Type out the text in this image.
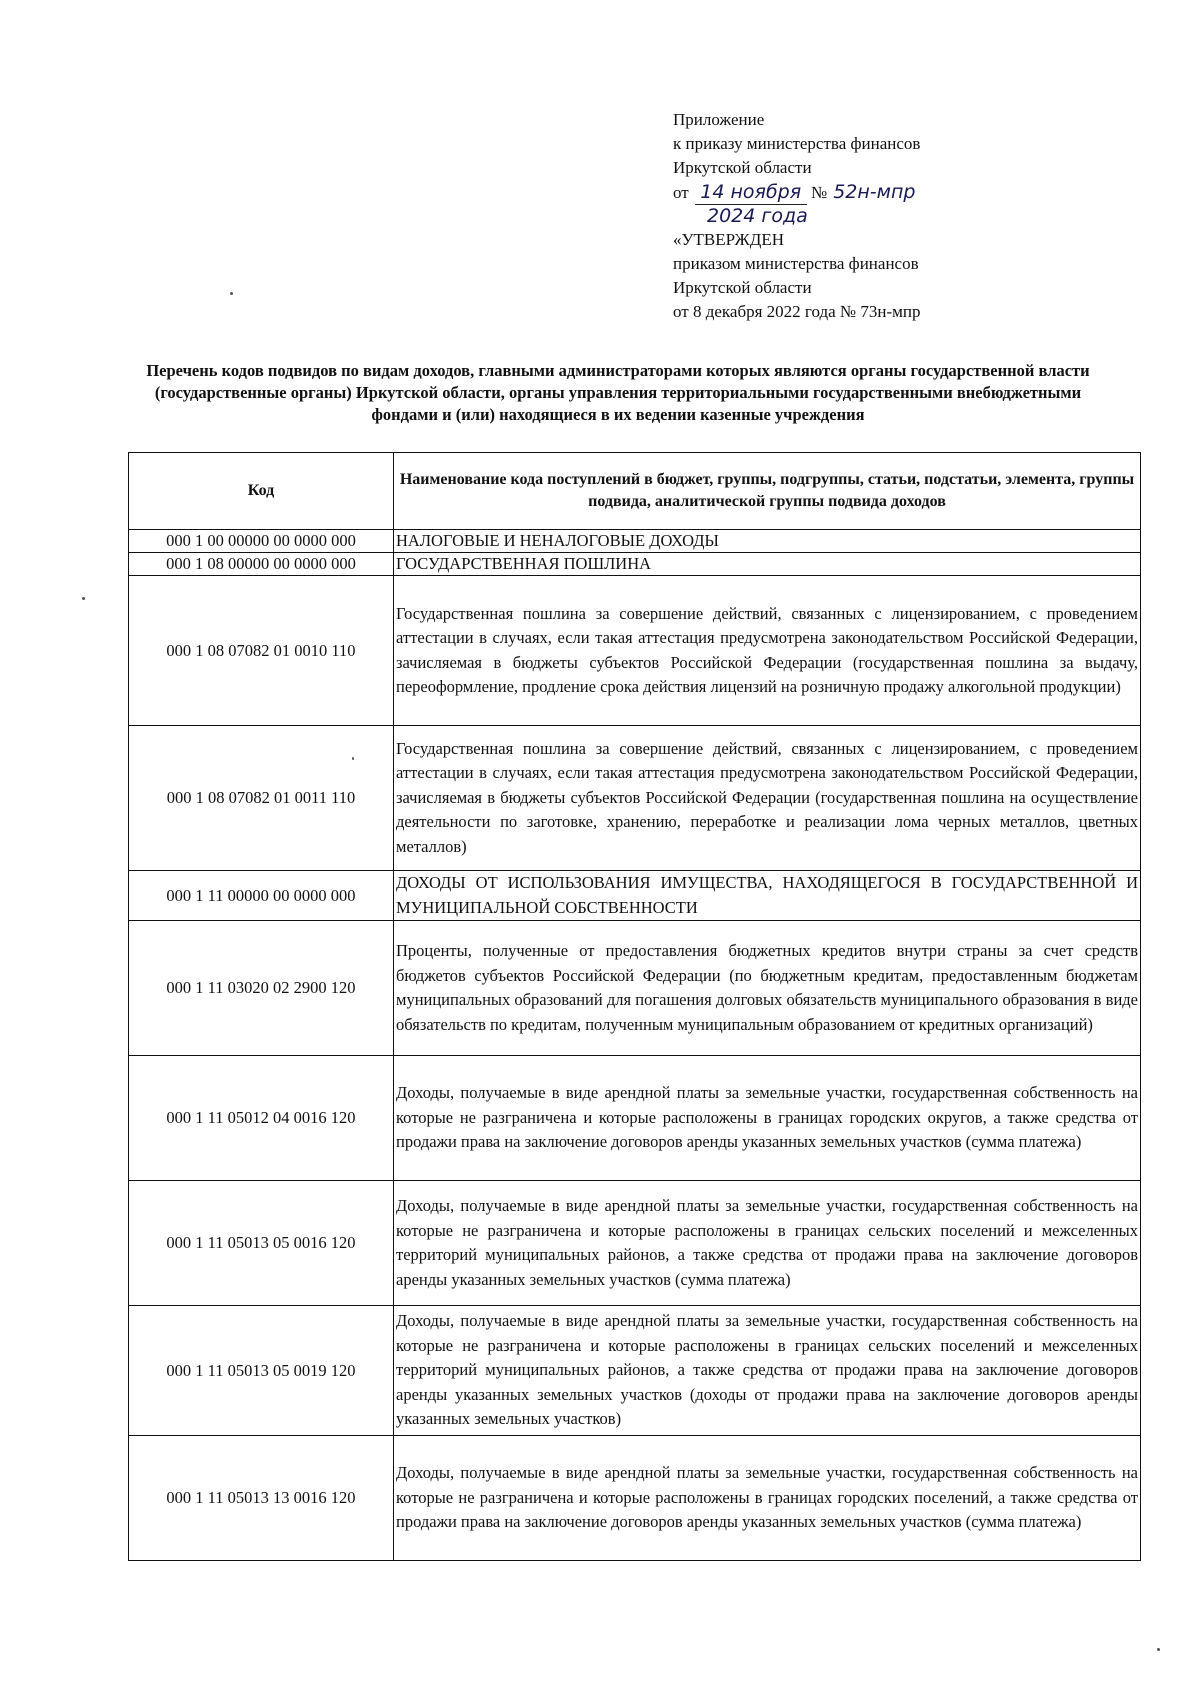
Приложение
к приказу министерства финансов
Иркутской области
от 14 ноября № 52н-мпр
2024 года
«УТВЕРЖДЕН
приказом министерства финансов
Иркутской области
от 8 декабря 2022 года № 73н-мпр
Перечень кодов подвидов по видам доходов, главными администраторами которых являются органы государственной власти (государственные органы) Иркутской области, органы управления территориальными государственными внебюджетными фондами и (или) находящиеся в их ведении казенные учреждения
Код	Наименование кода поступлений в бюджет, группы, подгруппы, статьи, подстатьи, элемента, группы подвида, аналитической группы подвида доходов
000 1 00 00000 00 0000 000	НАЛОГОВЫЕ И НЕНАЛОГОВЫЕ ДОХОДЫ
000 1 08 00000 00 0000 000	ГОСУДАРСТВЕННАЯ ПОШЛИНА
000 1 08 07082 01 0010 110	Государственная пошлина за совершение действий, связанных с лицензированием, с проведением аттестации в случаях, если такая аттестация предусмотрена законодательством Российской Федерации, зачисляемая в бюджеты субъектов Российской Федерации (государственная пошлина за выдачу, переоформление, продление срока действия лицензий на розничную продажу алкогольной продукции)
000 1 08 07082 01 0011 110	Государственная пошлина за совершение действий, связанных с лицензированием, с проведением аттестации в случаях, если такая аттестация предусмотрена законодательством Российской Федерации, зачисляемая в бюджеты субъектов Российской Федерации (государственная пошлина на осуществление деятельности по заготовке, хранению, переработке и реализации лома черных металлов, цветных металлов)
000 1 11 00000 00 0000 000	ДОХОДЫ ОТ ИСПОЛЬЗОВАНИЯ ИМУЩЕСТВА, НАХОДЯЩЕГОСЯ В ГОСУДАРСТВЕННОЙ И МУНИЦИПАЛЬНОЙ СОБСТВЕННОСТИ
000 1 11 03020 02 2900 120	Проценты, полученные от предоставления бюджетных кредитов внутри страны за счет средств бюджетов субъектов Российской Федерации (по бюджетным кредитам, предоставленным бюджетам муниципальных образований для погашения долговых обязательств муниципального образования в виде обязательств по кредитам, полученным муниципальным образованием от кредитных организаций)
000 1 11 05012 04 0016 120	Доходы, получаемые в виде арендной платы за земельные участки, государственная собственность на которые не разграничена и которые расположены в границах городских округов, а также средства от продажи права на заключение договоров аренды указанных земельных участков (сумма платежа)
000 1 11 05013 05 0016 120	Доходы, получаемые в виде арендной платы за земельные участки, государственная собственность на которые не разграничена и которые расположены в границах сельских поселений и межселенных территорий муниципальных районов, а также средства от продажи права на заключение договоров аренды указанных земельных участков (сумма платежа)
000 1 11 05013 05 0019 120	Доходы, получаемые в виде арендной платы за земельные участки, государственная собственность на которые не разграничена и которые расположены в границах сельских поселений и межселенных территорий муниципальных районов, а также средства от продажи права на заключение договоров аренды указанных земельных участков (доходы от продажи права на заключение договоров аренды указанных земельных участков)
000 1 11 05013 13 0016 120	Доходы, получаемые в виде арендной платы за земельные участки, государственная собственность на которые не разграничена и которые расположены в границах городских поселений, а также средства от продажи права на заключение договоров аренды указанных земельных участков (сумма платежа)
